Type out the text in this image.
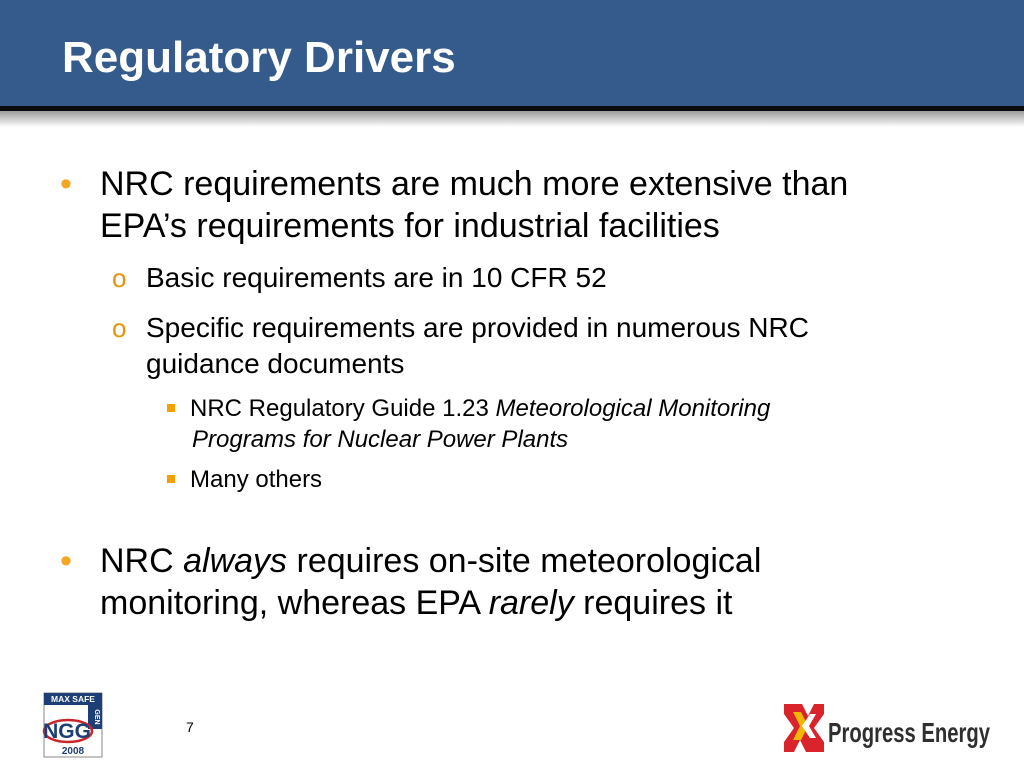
Regulatory Drivers
• NRC requirements are much more extensive than
EPA’s requirements for industrial facilities
o Basic requirements are in 10 CFR 52
o Specific requirements are provided in numerous NRC
guidance documents
NRC Regulatory Guide 1.23 Meteorological Monitoring
Programs for Nuclear Power Plants
Many others
• NRC always requires on-site meteorological
monitoring, whereas EPA rarely requires it
MAX SAFE
GEN
NGG
2008
7	Progress Energy
